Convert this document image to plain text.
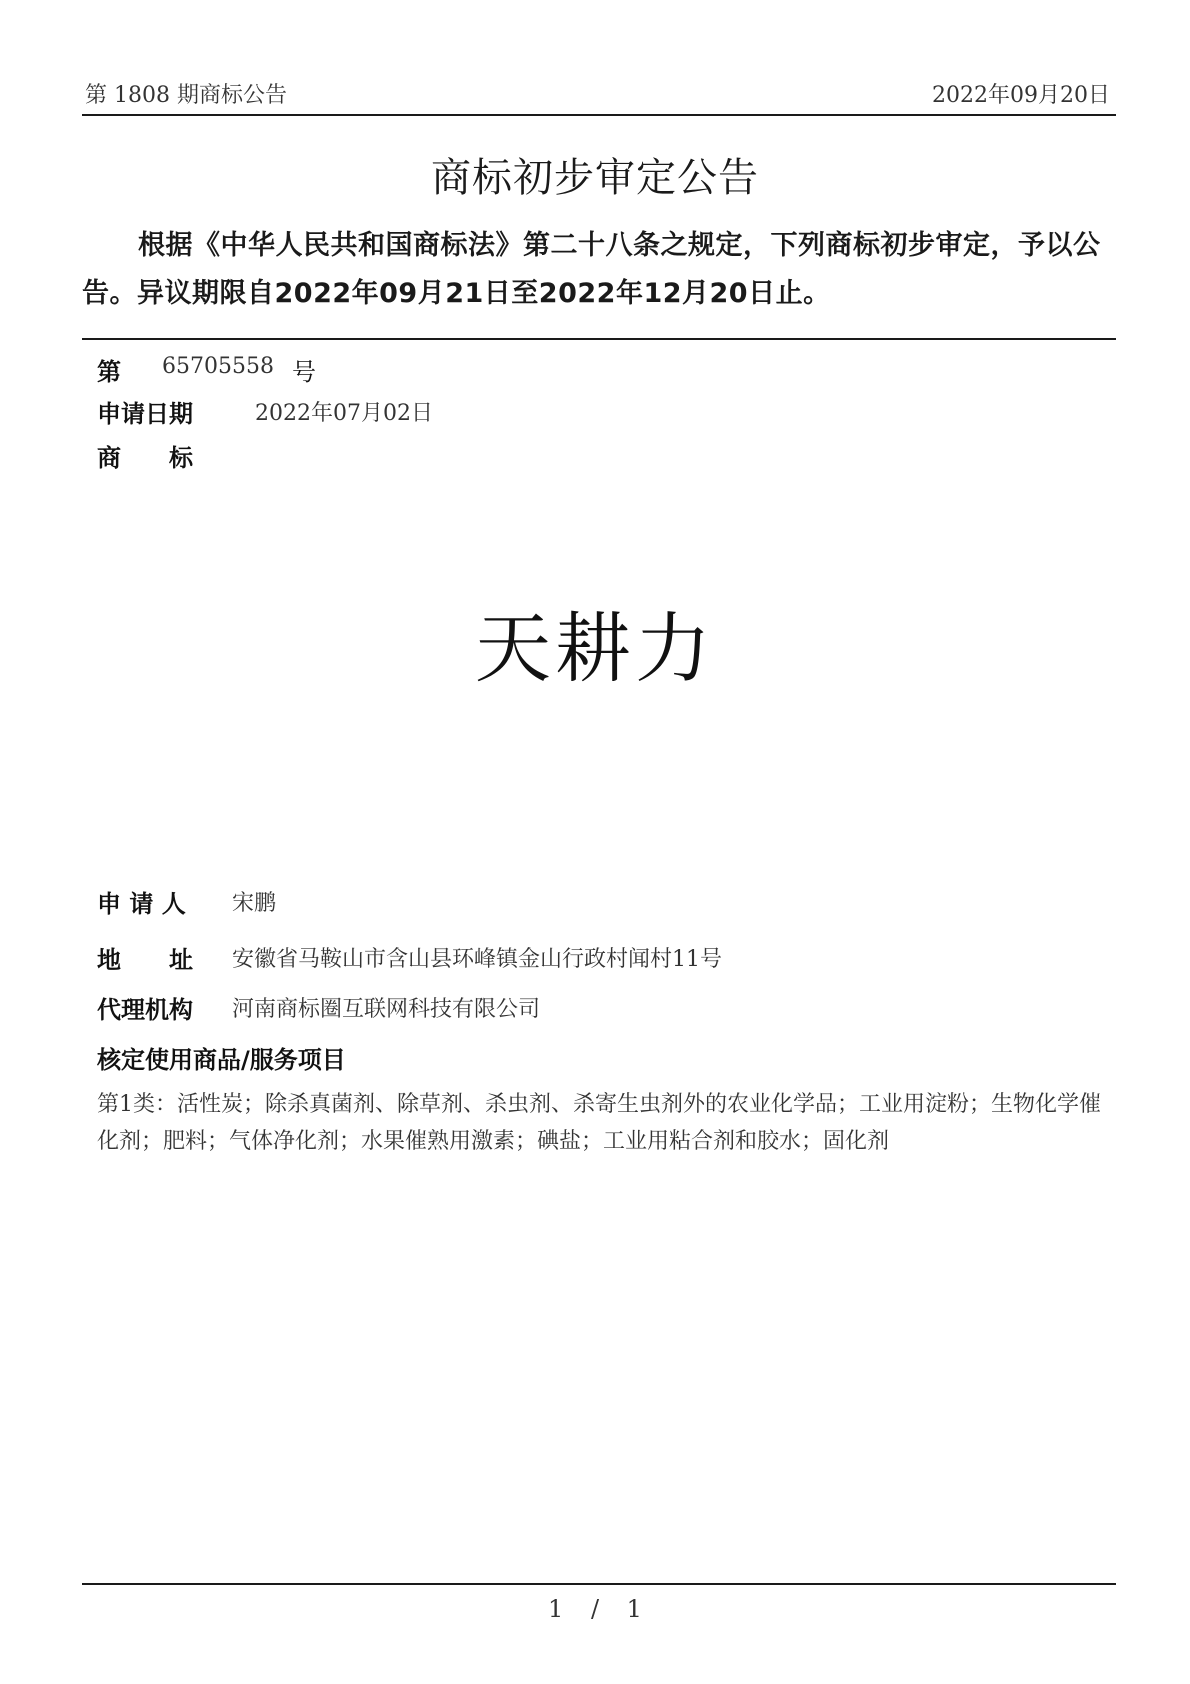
第 1808 期商标公告	2022年09月20日
商标初步审定公告
根据《中华人民共和国商标法》第二十八条之规定，下列商标初步审定，予以公告。异议期限自2022年09月21日至2022年12月20日止。
第 65705558 号
申请日期	2022年07月02日
商　　标
天耕力
申 请 人 宋鹏
地　　址 安徽省马鞍山市含山县环峰镇金山行政村闻村11号
代理机构 河南商标圈互联网科技有限公司
核定使用商品/服务项目
第1类：活性炭；除杀真菌剂、除草剂、杀虫剂、杀寄生虫剂外的农业化学品；工业用淀粉；生物化学催化剂；肥料；气体净化剂；水果催熟用激素；碘盐；工业用粘合剂和胶水；固化剂
1 / 1
